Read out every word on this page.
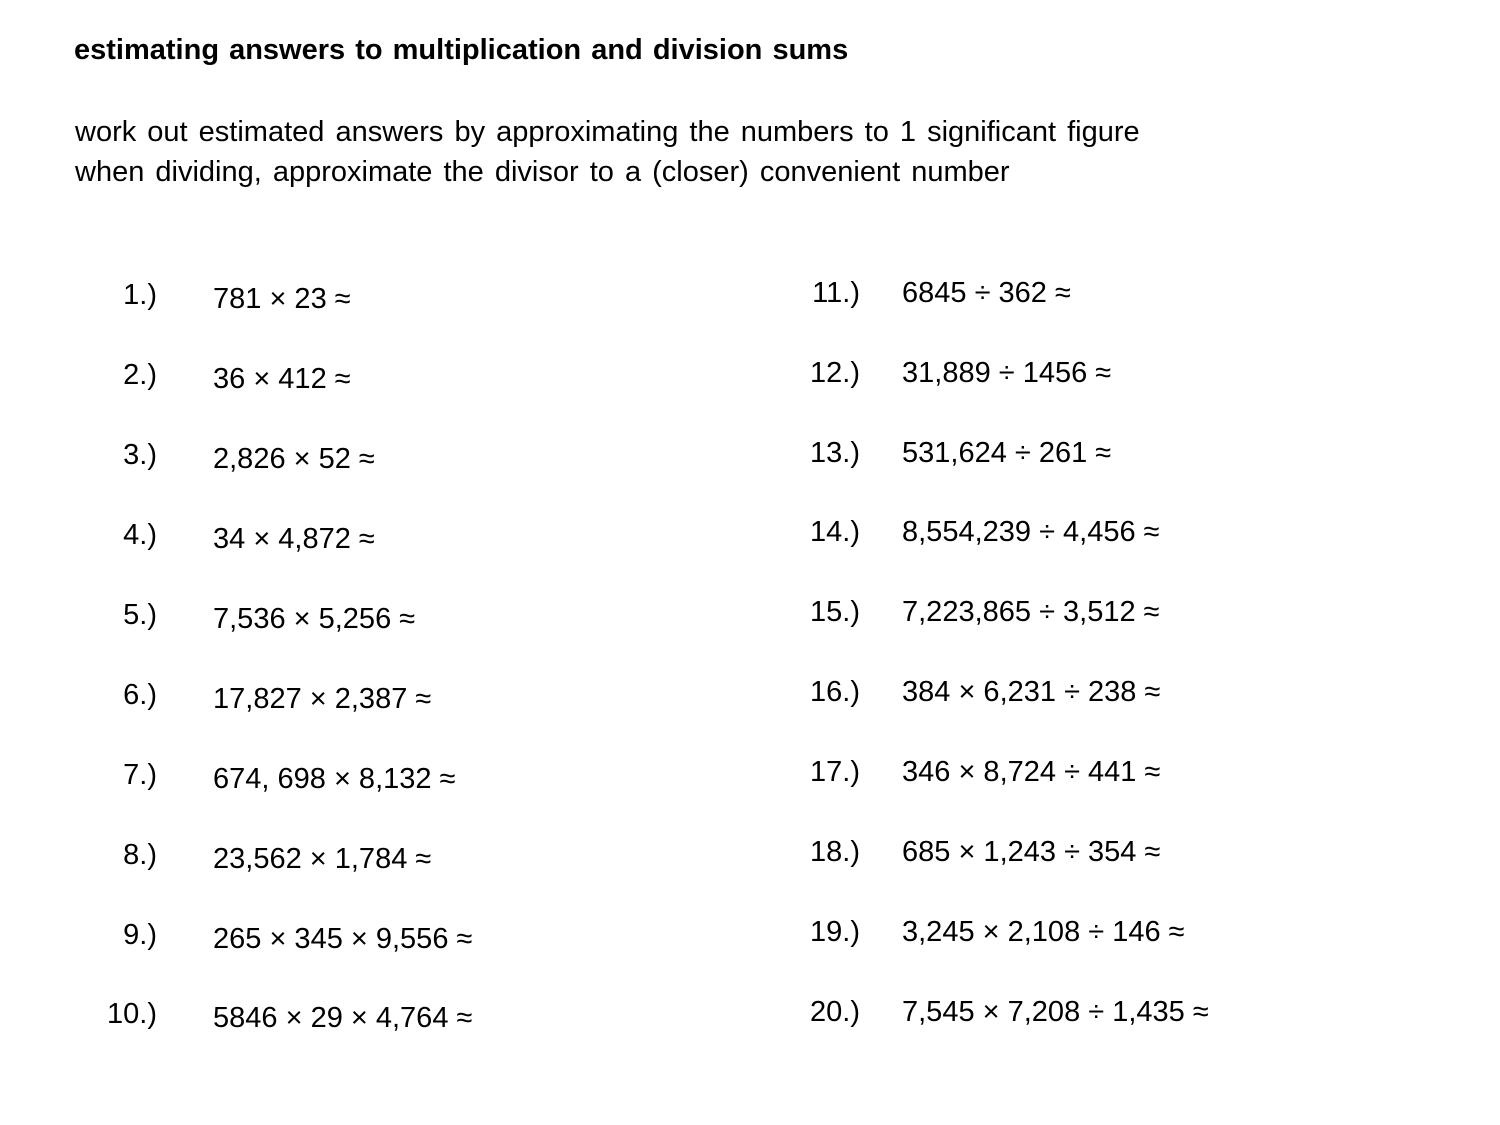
estimating answers to multiplication and division sums
work out estimated answers by approximating the numbers to 1 significant figure
when dividing, approximate the divisor to a (closer) convenient number
1.) 781 × 23 ≈
2.) 36 × 412 ≈
3.) 2,826 × 52 ≈
4.) 34 × 4,872 ≈
5.) 7,536 × 5,256 ≈
6.) 17,827 × 2,387 ≈
7.) 674, 698 × 8,132 ≈
8.) 23,562 × 1,784 ≈
9.) 265 × 345 × 9,556 ≈
10.) 5846 × 29 × 4,764 ≈
11.) 6845 ÷ 362 ≈
12.) 31,889 ÷ 1456 ≈
13.) 531,624 ÷ 261 ≈
14.) 8,554,239 ÷ 4,456 ≈
15.) 7,223,865 ÷ 3,512 ≈
16.) 384 × 6,231 ÷ 238 ≈
17.) 346 × 8,724 ÷ 441 ≈
18.) 685 × 1,243 ÷ 354 ≈
19.) 3,245 × 2,108 ÷ 146 ≈
20.) 7,545 × 7,208 ÷ 1,435 ≈
